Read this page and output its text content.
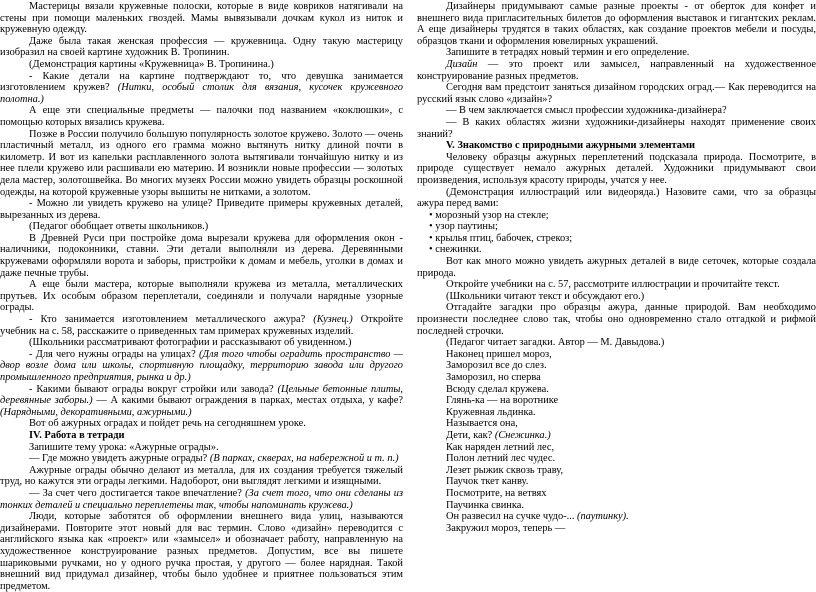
Мастерицы вязали кружевные полоски, которые в виде ковриков натягивали на стены при помощи маленьких гвоздей. Мамы вывязывали дочкам кукол из ниток и кружевную одежду.

Даже была такая женская профессия — кружевница. Одну такую мастерицу изобразил на своей картине художник В. Тропинин.

(Демонстрация картины «Кружевница» В. Тропинина.)

- Какие детали на картине подтверждают то, что девушка занимается изготовлением кружев? (Нитки, особый столик для вязания, кусочек кружевного полотна.)

А еще эти специальные предметы — палочки под названием «коклюшки», с помощью которых вязались кружева.

Позже в России получило большую популярность золотое кружево. Золото — очень пластичный металл, из одного его грамма можно вытянуть нитку длиной почти в километр. И вот из капельки расплавленного золота вытягивали тончайшую нитку и из нее плели кружево или расшивали ею материю. И возникли новые профессии — золотых дела мастер, золотошвейка. Во многих музеях России можно увидеть образцы роскошной одежды, на которой кружевные узоры вышиты не нитками, а золотом.

- Можно ли увидеть кружево на улице? Приведите примеры кружевных деталей, вырезанных из дерева.

(Педагог обобщает ответы школьников.)

В Древней Руси при постройке дома вырезали кружева для оформления окон - наличники, подоконники, ставни. Эти детали выполняли из дерева. Деревянными кружевами оформляли ворота и заборы, пристройки к домам и мебель, уголки в домах и даже печные трубы.

А еще были мастера, которые выполняли кружева из металла, металлических прутьев. Их особым образом переплетали, соединяли и получали нарядные узорные ограды.

- Кто занимается изготовлением металлического ажура? (Кузнец.) Откройте учебник на с. 58, расскажите о приведенных там примерах кружевных изделий.

(Школьники рассматривают фотографии и рассказывают об увиденном.)

- Для чего нужны ограды на улицах? (Для того чтобы оградить пространство — двор возле дома или школы, спортивную площадку, территорию завода или другого промышленного предприятия, рынка и др.)

- Какими бывают ограды вокруг стройки или завода? (Цельные бетонные плиты, деревянные заборы.) — А какими бывают ограждения в парках, местах отдыха, у кафе? (Нарядными, декоративными, ажурными.)

Вот об ажурных оградах и пойдет речь на сегодняшнем уроке.

IV. Работа в тетради

Запишите тему урока: «Ажурные ограды».

— Где можно увидеть ажурные ограды? (В парках, скверах, на набережной и т. п.)

Ажурные ограды обычно делают из металла, для их создания требуется тяжелый труд, но кажутся эти ограды легкими. Надоборот, они выглядят легкими и изящными.

— За счет чего достигается такое впечатление? (За счет того, что они сделаны из тонких деталей и специально переплетены так, чтобы напоминать кружева.)

Люди, которые заботятся об оформлении внешнего вида улиц, называются дизайнерами. Повторите этот новый для вас термин. Слово «дизайн» переводится с английского языка как «проект» или «замысел» и обозначает работу, направленную на художественное конструирование разных предметов. Допустим, все вы пишете шариковыми ручками, но у одного ручка простая, у другого — более нарядная. Такой внешний вид придумал дизайнер, чтобы было удобнее и приятнее пользоваться этим предметом.

Дизайнеры придумывают самые разные проекты - от оберток для конфет и внешнего вида пригласительных билетов до оформления выставок и гигантских реклам. А еще дизайнеры трудятся в таких областях, как создание проектов мебели и посуды, образцов ткани и оформления ювелирных украшений.

Запишите в тетрадях новый термин и его определение.

Дизайн — это проект или замысел, направленный на художественное конструирование разных предметов.

Сегодня вам предстоит заняться дизайном городских оград.— Как переводится на русский язык слово «дизайн»?

— В чем заключается смысл профессии художника-дизайнера?

— В каких областях жизни художники-дизайнеры находят применение своих знаний?

V. Знакомство с природными ажурными элементами

Человеку образцы ажурных переплетений подсказала природа. Посмотрите, в природе существует немало ажурных деталей. Художники придумывают свои произведения, используя красоту природы, учатся у нее.

(Демонстрация иллюстраций или видеоряда.) Назовите сами, что за образцы ажура перед вами:

• морозный узор на стекле;

• узор паутины;

• крылья птиц, бабочек, стрекоз;

• снежинки.

Вот как много можно увидеть ажурных деталей в виде сеточек, которые создала природа.

Откройте учебники на с. 57, рассмотрите иллюстрации и прочитайте текст.

(Школьники читают текст и обсуждают его.)

Отгадайте загадки про образцы ажура, данные природой. Вам необходимо произнести последнее слово так, чтобы оно одновременно стало отгадкой и рифмой последней строчки.

(Педагог читает загадки. Автор — М. Давыдова.)

Наконец пришел мороз,

Заморозил все до слез.

Заморозил, но сперва

Всюду сделал кружева.

Глянь-ка — на воротнике

Кружевная льдинка.

Называется она,

Дети, как? (Снежинка.)

Как наряден летний лес,

Полон летний лес чудес.

Лезет рыжик сквозь траву,

Паучок ткет канву.

Посмотрите, на ветвях

Паучинка свинка.

Он развесил на сучке чудо-... (паутинку).

Закружил мороз, теперь —
